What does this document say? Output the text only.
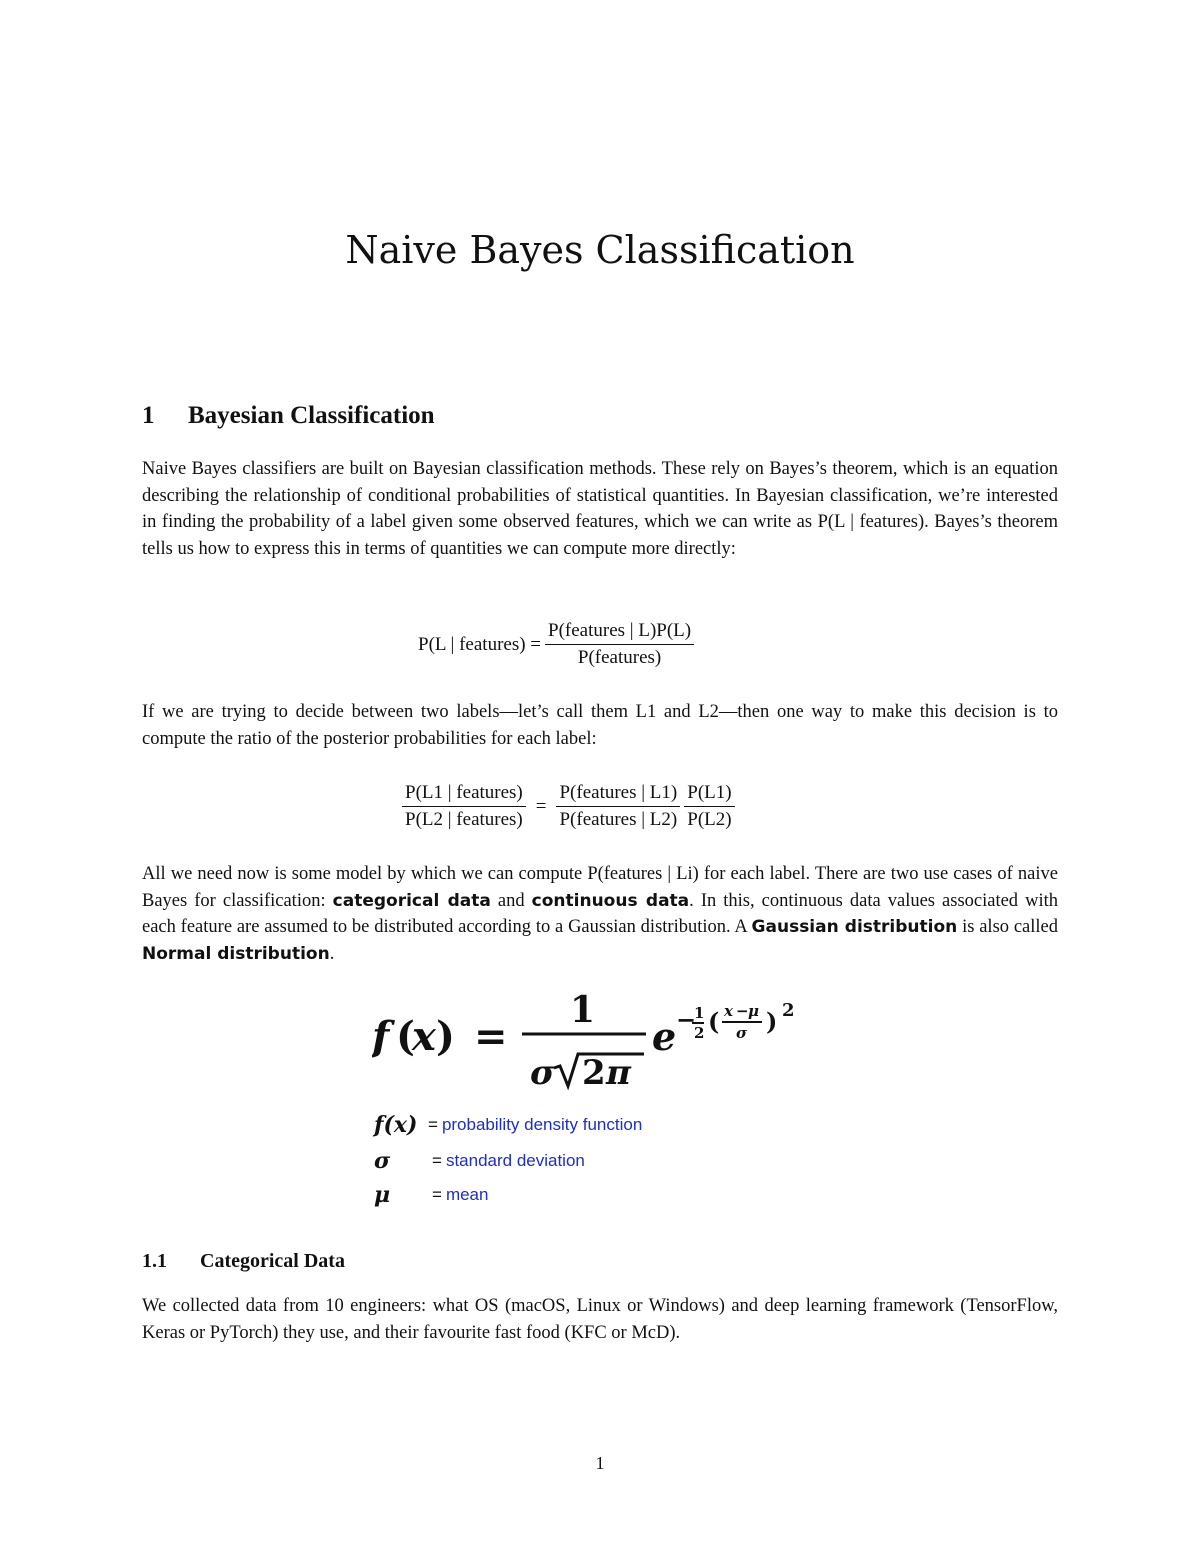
Naive Bayes Classification
1 Bayesian Classification

Naive Bayes classifiers are built on Bayesian classification methods. These rely on Bayes’s theorem, which is an equation describing the relationship of conditional probabilities of statistical quantities. In Bayesian classification, we’re interested in finding the probability of a label given some observed features, which we can write as P(L | features). Bayes’s theorem tells us how to express this in terms of quantities we can compute more directly:

P(L | features) = $\frac{\text{P(features | L)P(L)}}{\text{P(features)}}$

If we are trying to decide between two labels—let’s call them L1 and L2—then one way to make this decision is to compute the ratio of the posterior probabilities for each label:

$\frac{\text{P(L1 | features)}}{\text{P(L2 | features)}} = \frac{\text{P(features | L1)}}{\text{P(features | L2)}} \frac{P(L1)}{P(L2)}$

All we need now is some model by which we can compute P(features | Li) for each label. There are two use cases of naive Bayes for classification: categorical data and continuous data. In this, continuous data values associated with each feature are assumed to be distributed according to a Gaussian distribution. A Gaussian distribution is also called Normal distribution.

f (
x ) =
1
σ 2 π
e −
1
2 ( x − μ
σ ) 2
f(x) = probability density function
σ	= standard deviation
μ	= mean
1.1 Categorical Data

We collected data from 10 engineers: what OS (macOS, Linux or Windows) and deep learning framework (TensorFlow, Keras or PyTorch) they use, and their favourite fast food (KFC or McD).

1
